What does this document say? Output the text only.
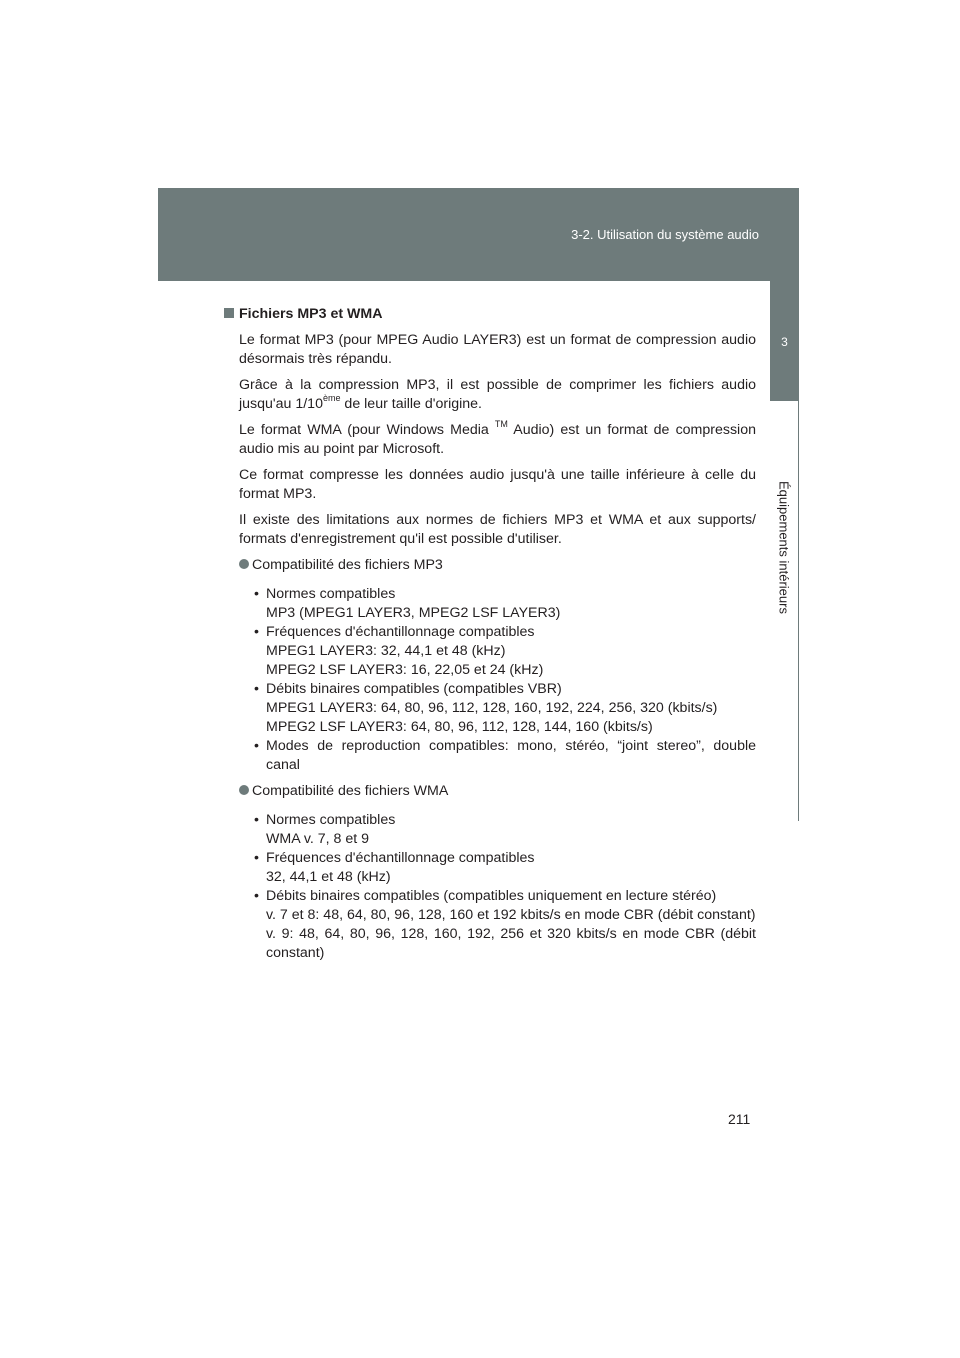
3-2. Utilisation du système audio
3
Équipements intérieurs
Fichiers MP3 et WMA

Le format MP3 (pour MPEG Audio LAYER3) est un format de compression audio désormais très répandu.

Grâce à la compression MP3, il est possible de comprimer les fichiers audio jusqu'au 1/10ème de leur taille d'origine.

Le format WMA (pour Windows Media ™ Audio) est un format de compression audio mis au point par Microsoft.

Ce format compresse les données audio jusqu'à une taille inférieure à celle du format MP3.

Il existe des limitations aux normes de fichiers MP3 et WMA et aux supports/ formats d'enregistrement qu'il est possible d'utiliser.

Compatibilité des fichiers MP3
• Normes compatibles
MP3 (MPEG1 LAYER3, MPEG2 LSF LAYER3)
• Fréquences d'échantillonnage compatibles
MPEG1 LAYER3: 32, 44,1 et 48 (kHz)
MPEG2 LSF LAYER3: 16, 22,05 et 24 (kHz)
• Débits binaires compatibles (compatibles VBR)
MPEG1 LAYER3: 64, 80, 96, 112, 128, 160, 192, 224, 256, 320 (kbits/s)
MPEG2 LSF LAYER3: 64, 80, 96, 112, 128, 144, 160 (kbits/s)
• Modes de reproduction compatibles: mono, stéréo, “joint stereo”, double canal
Compatibilité des fichiers WMA
• Normes compatibles
WMA v. 7, 8 et 9
• Fréquences d'échantillonnage compatibles
32, 44,1 et 48 (kHz)
• Débits binaires compatibles (compatibles uniquement en lecture stéréo)
v. 7 et 8: 48, 64, 80, 96, 128, 160 et 192 kbits/s en mode CBR (débit constant)
v. 9: 48, 64, 80, 96, 128, 160, 192, 256 et 320 kbits/s en mode CBR (débit constant)
211
